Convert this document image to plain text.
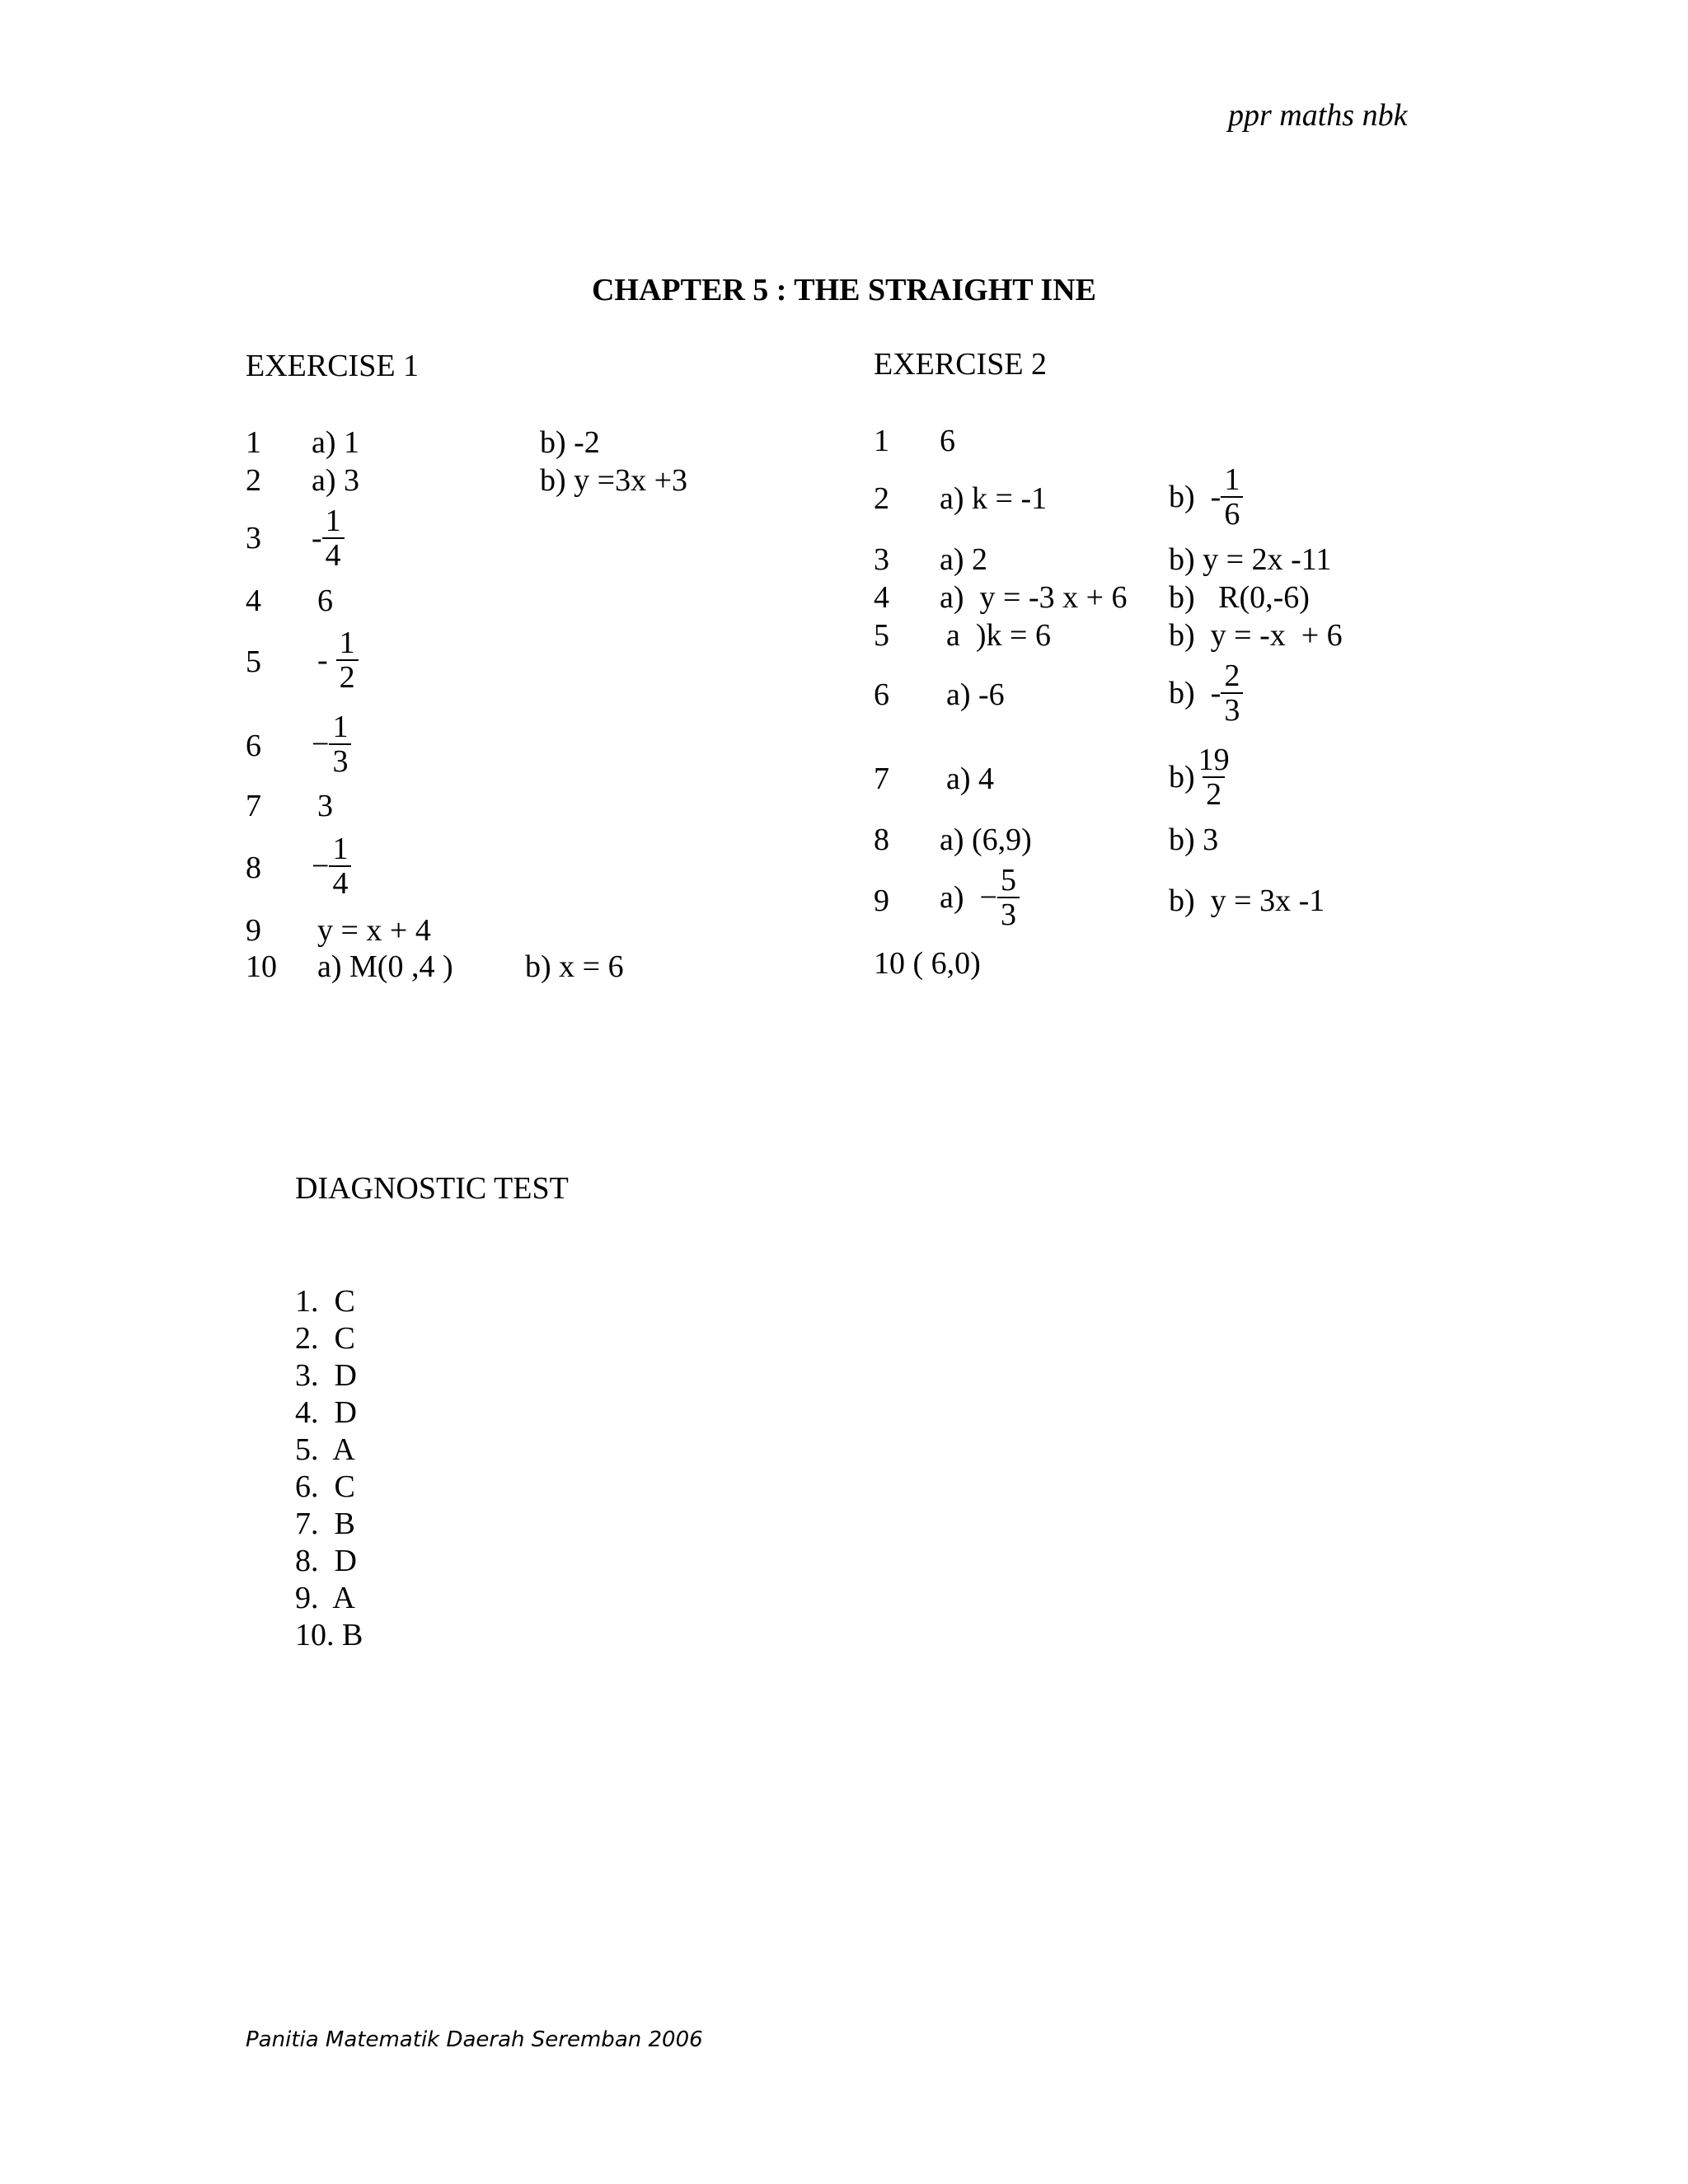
ppr maths nbk
CHAPTER 5 : THE STRAIGHT INE
EXERCISE 1
1 a) 1	b) -2
2 a) 3	b) y =3x +3
$3 - \frac{1}{4}$
4 6
$5 - \frac{1}{2}$
$6 - \frac{1}{3}$
7 3
$8 - \frac{1}{4}$
9 y = x + 4
10 a) M(0 ,4 ) b) x = 6
EXERCISE 2
1 6
2 a) k = -1	$b) - \frac{1}{6}$
3 a) 2	b) y = 2x -11
4 a)  y = -3 x + 6 b)   R(0,-6)
5 a  )k = 6	b)  y = -x  + 6
6 a) -6	$b) - \frac{2}{3}$
7 a) 4	$b) \frac{19}{2}$
8 a) (6,9)	b) 3
9 $a) - \frac{5}{3}$	b)  y = 3x -1
10 ( 6,0)
DIAGNOSTIC TEST
1.  C
2.  C
3.  D
4.  D
5.  A
6.  C
7.  B
8.  D
9.  A
10. B
Panitia Matematik Daerah Seremban 2006
